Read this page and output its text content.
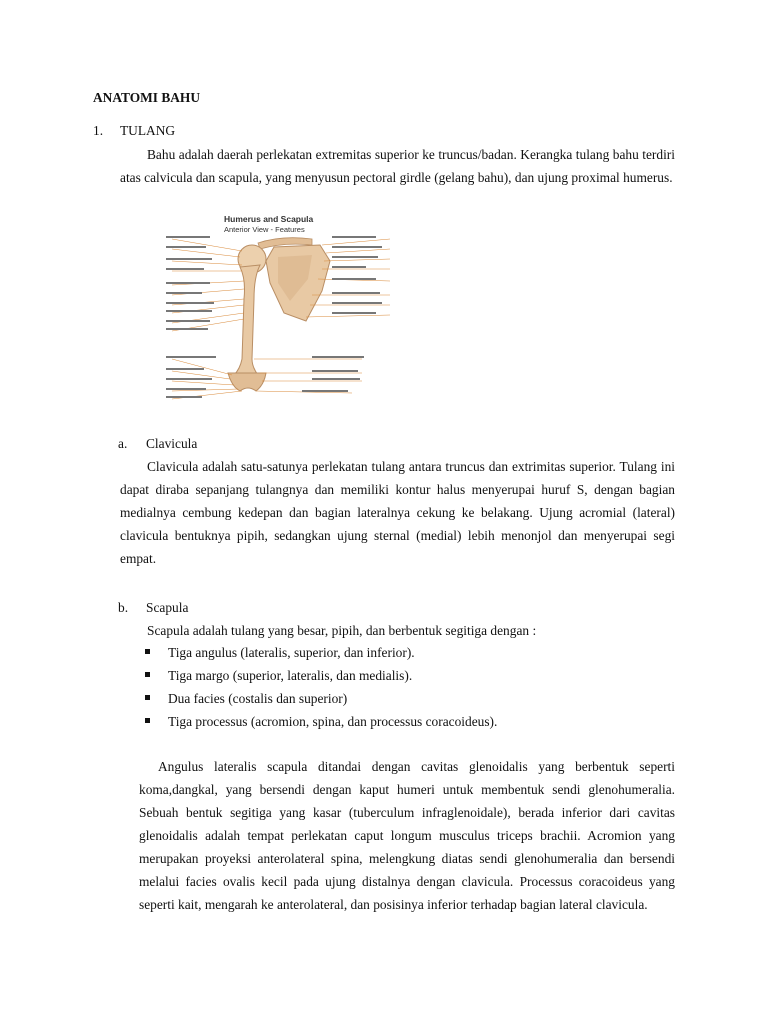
ANATOMI BAHU
1. TULANG
Bahu adalah daerah perlekatan extremitas superior ke truncus/badan. Kerangka tulang bahu terdiri atas calvicula dan scapula, yang menyusun pectoral girdle (gelang bahu), dan ujung proximal humerus.
Humerus and Scapula
Anterior View - Features
a. Clavicula
Clavicula adalah satu-satunya perlekatan tulang antara truncus dan extrimitas superior. Tulang ini dapat diraba sepanjang tulangnya dan memiliki kontur halus menyerupai huruf S, dengan bagian medialnya cembung kedepan dan bagian lateralnya cekung ke belakang. Ujung acromial (lateral) clavicula bentuknya pipih, sedangkan ujung sternal (medial) lebih menonjol dan menyerupai segi empat.
b. Scapula
Scapula adalah tulang yang besar, pipih, dan berbentuk segitiga dengan :
Tiga angulus (lateralis, superior, dan inferior).
Tiga margo (superior, lateralis, dan medialis).
Dua facies (costalis dan superior)
Tiga processus (acromion, spina, dan processus coracoideus).
Angulus lateralis scapula ditandai dengan cavitas glenoidalis yang berbentuk seperti koma,dangkal, yang bersendi dengan kaput humeri untuk membentuk sendi glenohumeralia. Sebuah bentuk segitiga yang kasar (tuberculum infraglenoidale), berada inferior dari cavitas glenoidalis adalah tempat perlekatan caput longum musculus triceps brachii. Acromion yang merupakan proyeksi anterolateral spina, melengkung diatas sendi glenohumeralia dan bersendi melalui facies ovalis kecil pada ujung distalnya dengan clavicula. Processus coracoideus yang seperti kait, mengarah ke anterolateral, dan posisinya inferior terhadap bagian lateral clavicula.
